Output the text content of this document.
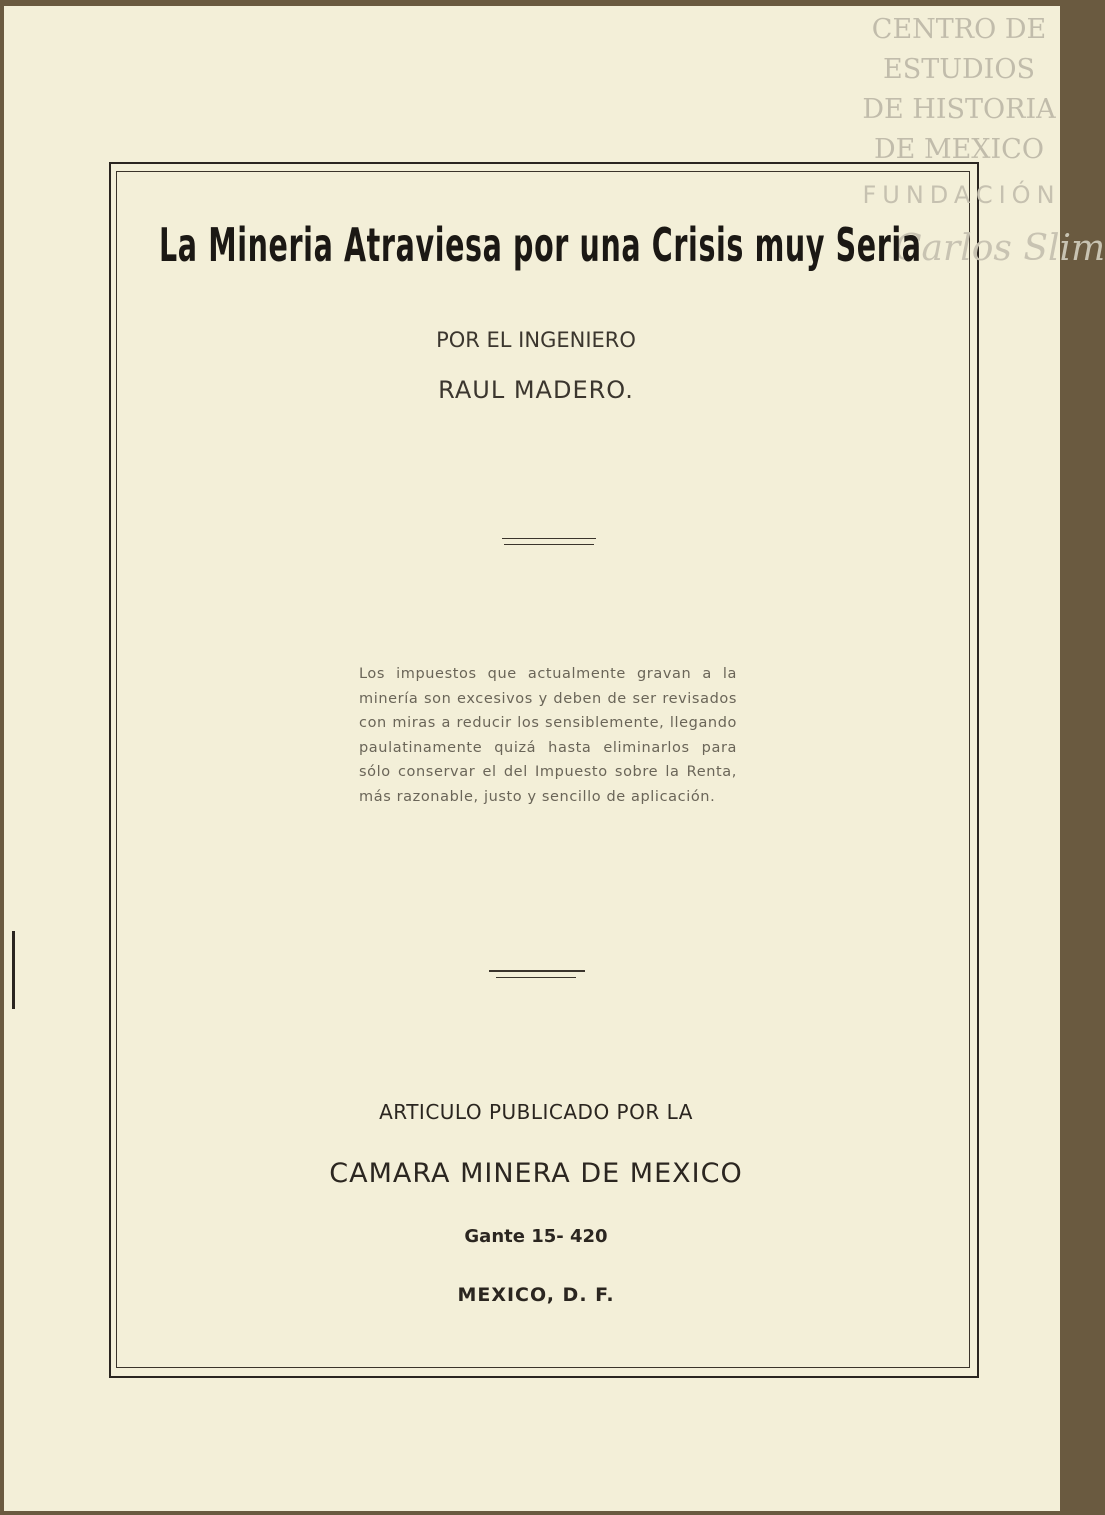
CENTRO DE
ESTUDIOS
DE HISTORIA
DE MEXICO
FUNDACIÓN
Carlos Slim
La Mineria Atraviesa por una Crisis muy Seria
POR EL INGENIERO
RAUL MADERO.
Los impuestos que actualmente gravan a la minería son excesivos y deben de ser revisados con miras a reducir los sensiblemente, llegando paulatinamente quizá hasta eliminarlos para sólo conservar el del Impuesto sobre la Renta, más razonable, justo y sencillo de aplicación.
ARTICULO PUBLICADO POR LA
CAMARA MINERA DE MEXICO
Gante 15- 420
MEXICO, D. F.
